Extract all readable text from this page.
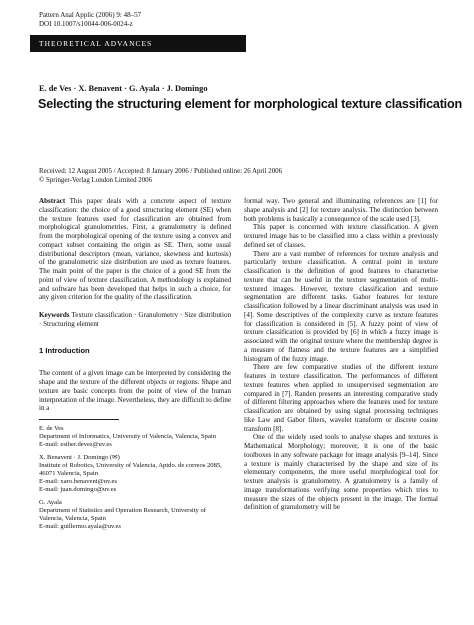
Pattern Anal Applic (2006) 9: 48–57
DOI 10.1007/s10044-006-0024-z
THEORETICAL ADVANCES
E. de Ves · X. Benavent · G. Ayala · J. Domingo
Selecting the structuring element for morphological texture classification
Received: 12 August 2005 / Accepted: 8 January 2006 / Published online: 26 April 2006
© Springer-Verlag London Limited 2006

Abstract This paper deals with a concrete aspect of texture classification: the choice of a good structuring element (SE) when the texture features used for classification are obtained from morphological granulometries. First, a granulometry is defined from the morphological opening of the texture using a convex and compact subset containing the origin as SE. Then, some usual distributional descriptors (mean, variance, skewness and kurtosis) of the granulometric size distribution are used as texture features. The main point of the paper is the choice of a good SE from the point of view of texture classification. A methodology is explained and software has been developed that helps in such a choice, for any given criterion for the quality of the classification.

Keywords Texture classification · Granulometry · Size distribution · Structuring element

1 Introduction

The content of a given image can be interpreted by considering the shape and the texture of the different objects or regions. Shape and texture are basic concepts from the point of view of the human interpretation of the image. Nevertheless, they are difficult to define in a

E. de Ves
Department of Informatics, University of Valencia, Valencia, Spain
E-mail: esther.deves@uv.es

X. Benavent · J. Domingo (✉)
Institute of Robotics, University of Valencia, Aptdo. de correos 2085, 46071 Valencia, Spain
E-mail: xaro.benavent@uv.es
E-mail: juan.domingo@uv.es

G. Ayala
Department of Statistics and Operation Research, University of Valencia, Valencia, Spain
E-mail: guillermo.ayala@uv.es

formal way. Two general and illuminating references are [1] for shape analysis and [2] for texture analysis. The distinction between both problems is basically a consequence of the scale used [3].

This paper is concerned with texture classification. A given textured image has to be classified into a class within a previously defined set of classes.

There are a vast number of references for texture analysis and particularly texture classification. A central point in texture classification is the definition of good features to characterise texture that can be useful in the texture segmentation of multi-textured images. However, texture classification and texture segmentation are different tasks. Gabor features for texture classification followed by a linear discriminant analysis was used in [4]. Some descriptives of the complexity curve as texture features for classification is considered in [5]. A fuzzy point of view of texture classification is provided by [6] in which a fuzzy image is associated with the original texture where the membership degree is a measure of flatness and the texture features are a simplified histogram of the fuzzy image.

There are few comparative studies of the different texture features in texture classification. The performances of different texture features when applied to unsupervised segmentation are compared in [7]. Randen presents an interesting comparative study of different filtering approaches where the features used for texture classification are obtained by using signal processing techniques like Law and Gabor filters, wavelet transform or discrete cosine transform [8].

One of the widely used tools to analyse shapes and textures is Mathematical Morphology; moreover, it is one of the basic toolboxes in any software package for image analysis [9–14]. Since a texture is mainly characterised by the shape and size of its elementary components, the more useful morphological tool for texture analysis is granulometry. A granulometry is a family of image transformations verifying some properties which tries to measure the sizes of the objects present in the image. The formal definition of granulometry will be
